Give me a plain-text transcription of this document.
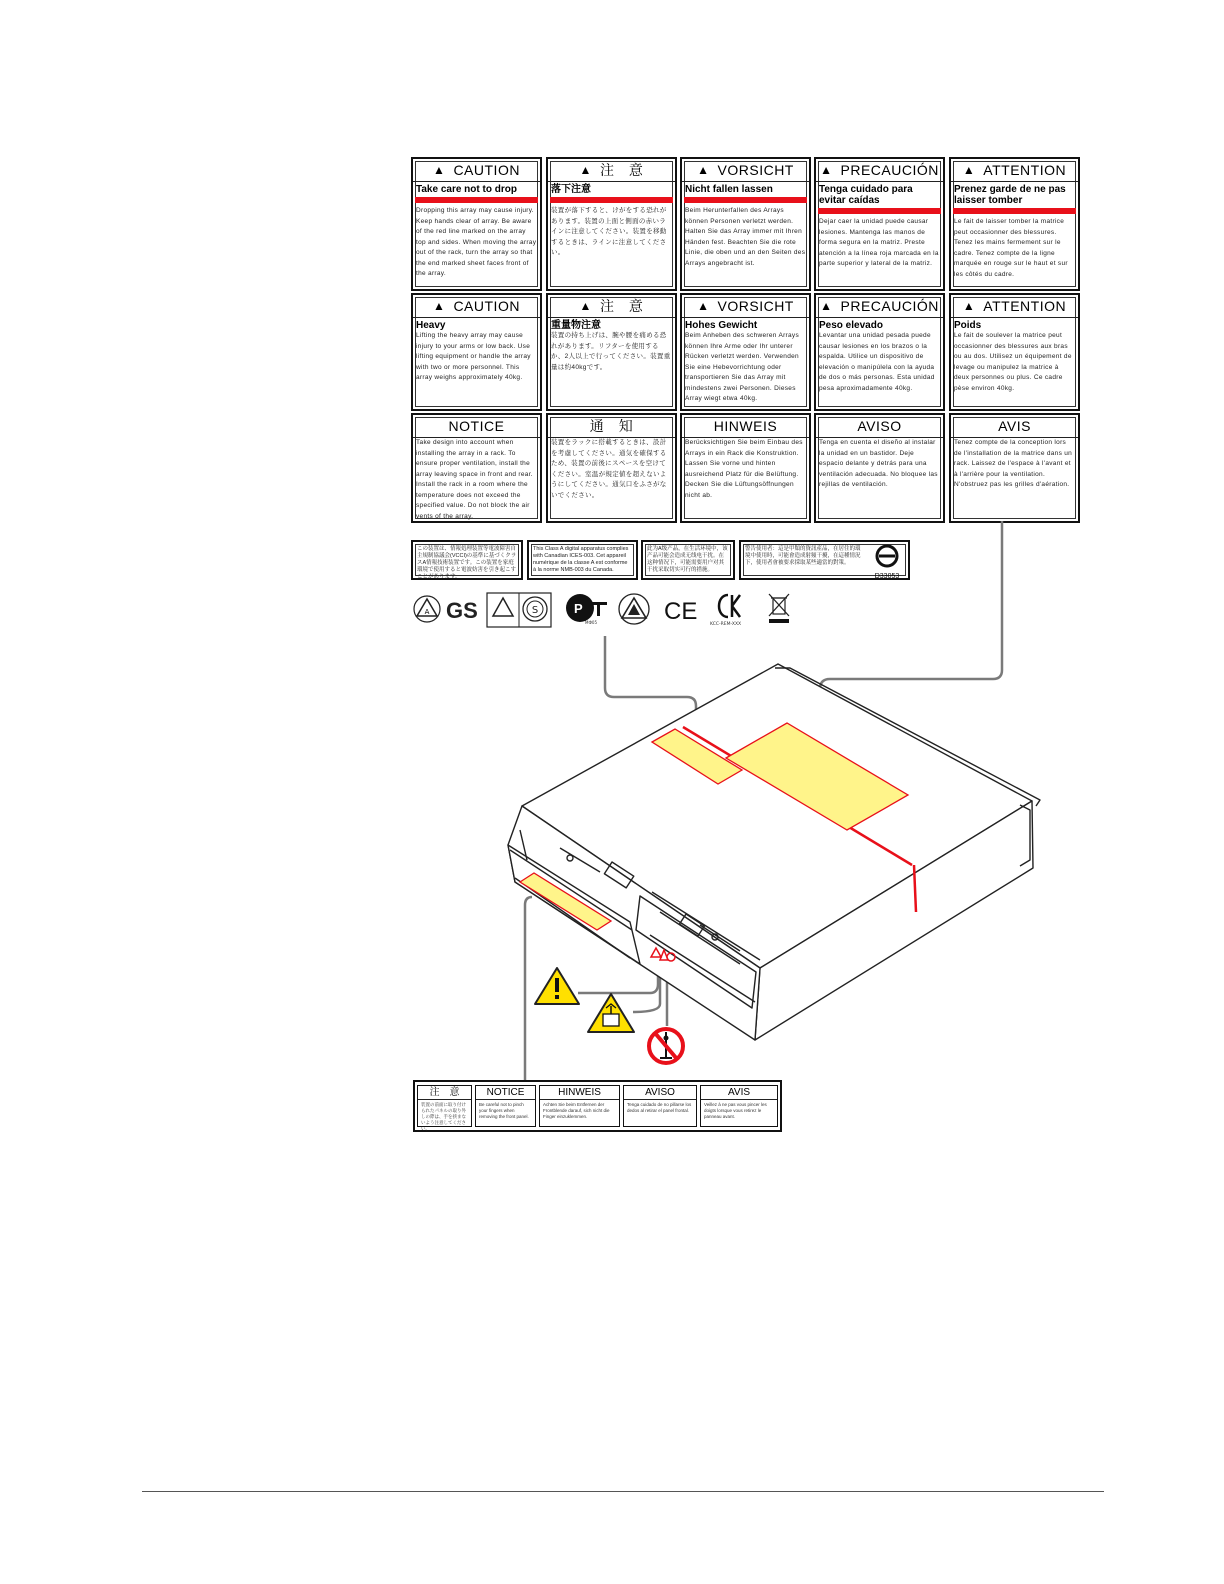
▲ CAUTION
Take care not to drop
Dropping this array may cause injury. Keep hands clear of array. Be aware of the red line marked on the array top and sides. When moving the array out of the rack, turn the array so that the end marked sheet faces front of the array.
▲ 注　意
落下注意
装置が落下すると、けがをする恐れがあります。装置の上面と側面の赤いラインに注意してください。装置を移動するときは、ラインに注意してください。
▲ VORSICHT
Nicht fallen lassen
Beim Herunterfallen des Arrays können Personen verletzt werden. Halten Sie das Array immer mit Ihren Händen fest. Beachten Sie die rote Linie, die oben und an den Seiten des Arrays angebracht ist.
▲ PRECAUCIÓN
Tenga cuidado para evitar caídas
Dejar caer la unidad puede causar lesiones. Mantenga las manos de forma segura en la matriz. Preste atención a la línea roja marcada en la parte superior y lateral de la matriz.
▲ ATTENTION
Prenez garde de ne pas laisser tomber
Le fait de laisser tomber la matrice peut occasionner des blessures. Tenez les mains fermement sur le cadre. Tenez compte de la ligne marquée en rouge sur le haut et sur les côtés du cadre.
▲ CAUTION
Heavy
Lifting the heavy array may cause injury to your arms or low back. Use lifting equipment or handle the array with two or more personnel. This array weighs approximately 40kg.
▲ 注　意
重量物注意
装置の持ち上げは、腕や腰を痛める恐れがあります。リフターを使用するか、2人以上で行ってください。装置重量は約40kgです。
▲ VORSICHT
Hohes Gewicht
Beim Anheben des schweren Arrays können Ihre Arme oder Ihr unterer Rücken verletzt werden. Verwenden Sie eine Hebevorrichtung oder transportieren Sie das Array mit mindestens zwei Personen. Dieses Array wiegt etwa 40kg.
▲ PRECAUCIÓN
Peso elevado
Levantar una unidad pesada puede causar lesiones en los brazos o la espalda. Utilice un dispositivo de elevación o manipúlela con la ayuda de dos o más personas. Esta unidad pesa aproximadamente 40kg.
▲ ATTENTION
Poids
Le fait de soulever la matrice peut occasionner des blessures aux bras ou au dos. Utilisez un équipement de levage ou manipulez la matrice à deux personnes ou plus. Ce cadre pèse environ 40kg.
NOTICE
Take design into account when installing the array in a rack. To ensure proper ventilation, install the array leaving space in front and rear. Install the rack in a room where the temperature does not exceed the specified value. Do not block the air vents of the array.
通　知
装置をラックに搭載するときは、設計を考慮してください。通気を確保するため、装置の前後にスペースを空けてください。室温が規定値を超えないようにしてください。通気口をふさがないでください。
HINWEIS
Berücksichtigen Sie beim Einbau des Arrays in ein Rack die Konstruktion. Lassen Sie vorne und hinten ausreichend Platz für die Belüftung. Decken Sie die Lüftungsöffnungen nicht ab.
AVISO
Tenga en cuenta el diseño al instalar la unidad en un bastidor. Deje espacio delante y detrás para una ventilación adecuada. No bloquee las rejillas de ventilación.
AVIS
Tenez compte de la conception lors de l'installation de la matrice dans un rack. Laissez de l'espace à l'avant et à l'arrière pour la ventilation. N'obstruez pas les grilles d'aération.
この装置は、情報処理装置等電波障害自主規制協議会(VCCI)の基準に基づくクラスA情報技術装置です。この装置を家庭環境で使用すると電波妨害を引き起こすことがあります。
This Class A digital apparatus complies with Canadian ICES-003. Cet appareil numérique de la classe A est conforme à la norme NMB-003 du Canada.
此为A级产品，在生活环境中，该产品可能会造成无线电干扰。在这种情况下，可能需要用户对其干扰采取切实可行的措施。
警告使用者：這是甲類的資訊產品，在居住的環境中使用時，可能會造成射頻干擾，在這種情況下，使用者會被要求採取某些適當的對策。
D33053
A GS	S	P
MФ05	CE	KCC-REM-XXX
注　意
装置の前面に取り付けられたパネルの取り外しの際は、手を挟まないよう注意してください。
NOTICE
Be careful not to pinch your fingers when removing the front panel.
HINWEIS
Achten Sie beim Entfernen der Frontblende darauf, sich nicht die Finger einzuklemmen.
AVISO
Tenga cuidado de no pillarse los dedos al retirar el panel frontal.
AVIS
Veillez à ne pas vous pincer les doigts lorsque vous retirez le panneau avant.
